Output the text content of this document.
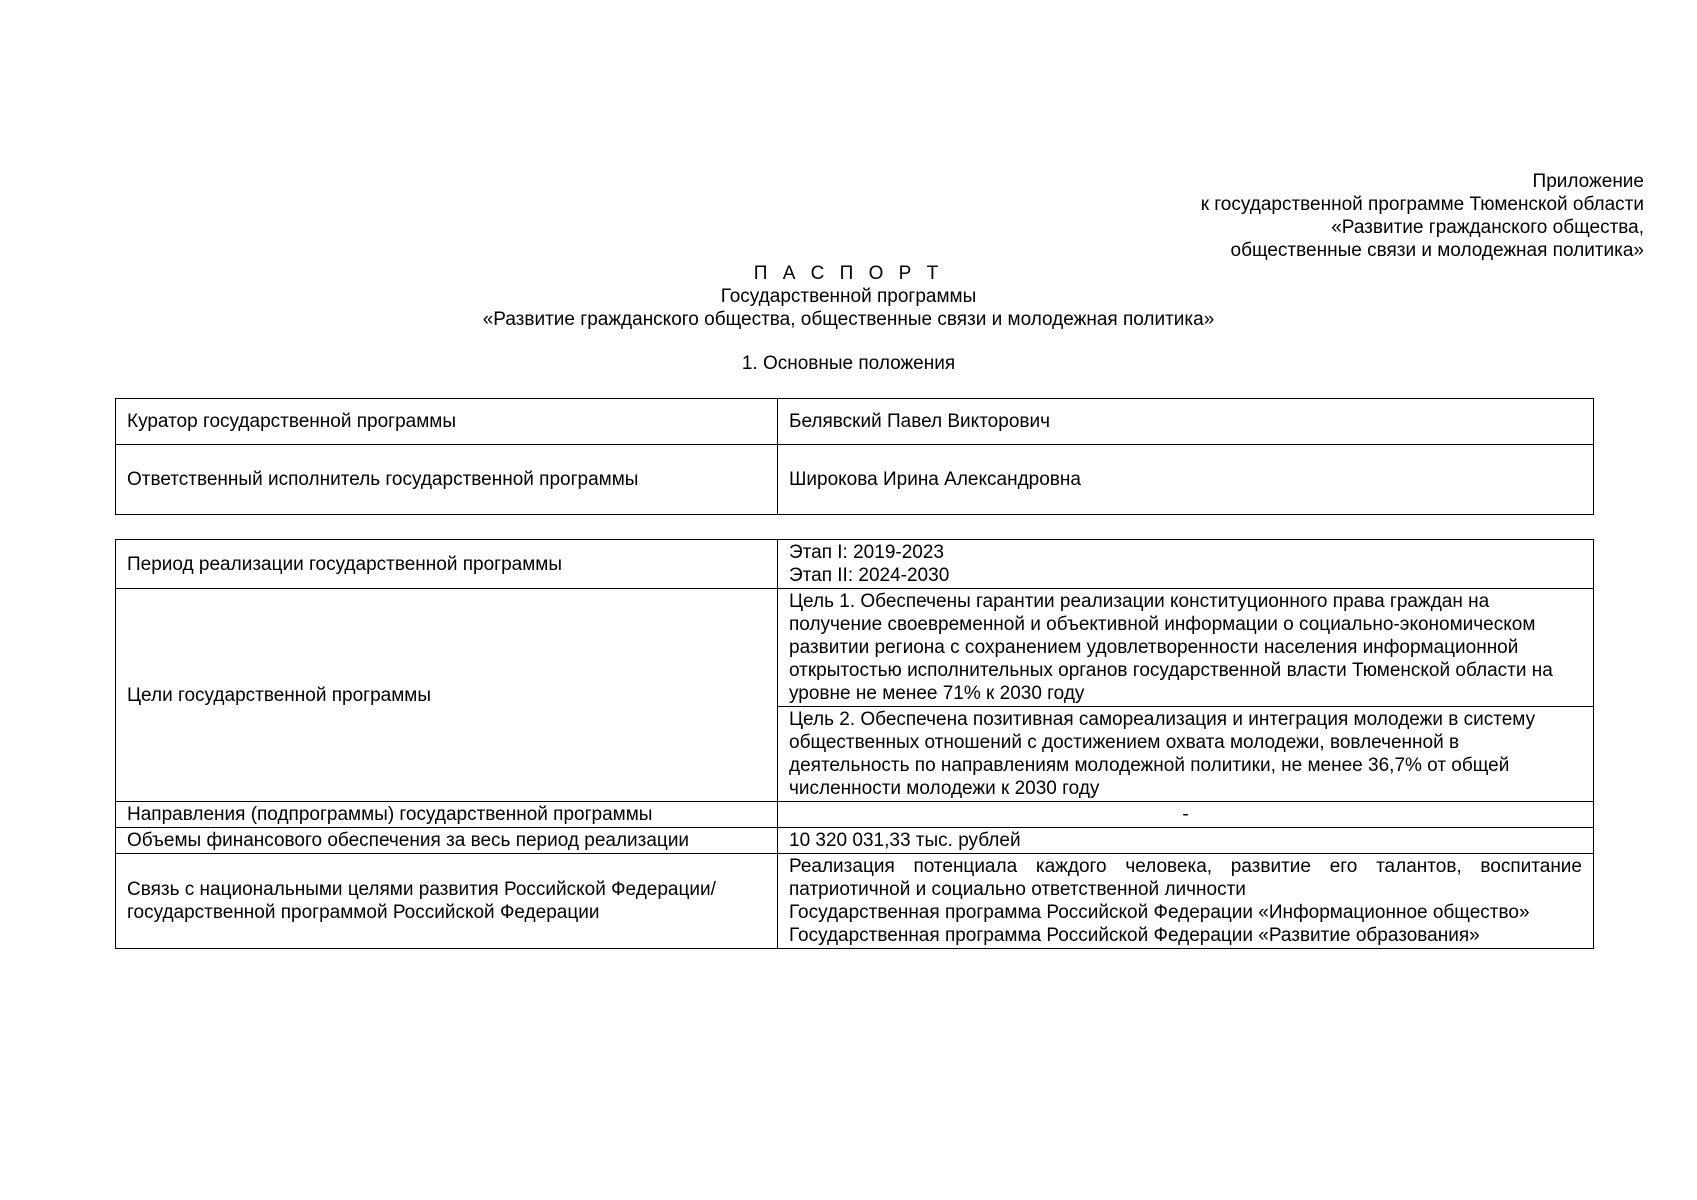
Приложение
к государственной программе Тюменской области
«Развитие гражданского общества,
общественные связи и молодежная политика»
П А С П О Р Т
Государственной программы
«Развитие гражданского общества, общественные связи и молодежная политика»
1. Основные положения
Куратор государственной программы	Белявский Павел Викторович
Ответственный исполнитель государственной программы	Широкова Ирина Александровна
Период реализации государственной программы	Этап I: 2019-2023
Этап II: 2024-2030

Цели государственной программы	Цель 1. Обеспечены гарантии реализации конституционного права граждан на получение своевременной и объективной информации о социально-экономическом развитии региона с сохранением удовлетворенности населения информационной открытостью исполнительных органов государственной власти Тюменской области на уровне не менее 71% к 2030 году
Цель 2. Обеспечена позитивная самореализация и интеграция молодежи в систему общественных отношений с достижением охвата молодежи, вовлеченной в деятельность по направлениям молодежной политики, не менее 36,7% от общей численности молодежи к 2030 году

Направления (подпрограммы) государственной программы	-
Объемы финансового обеспечения за весь период реализации	10 320 031,33 тыс. рублей
Связь с национальными целями развития Российской Федерации/ государственной программой Российской Федерации	Реализация потенциала каждого человека, развитие его талантов, воспитание патриотичной и социально ответственной личности
Государственная программа Российской Федерации «Информационное общество»
Государственная программа Российской Федерации «Развитие образования»
